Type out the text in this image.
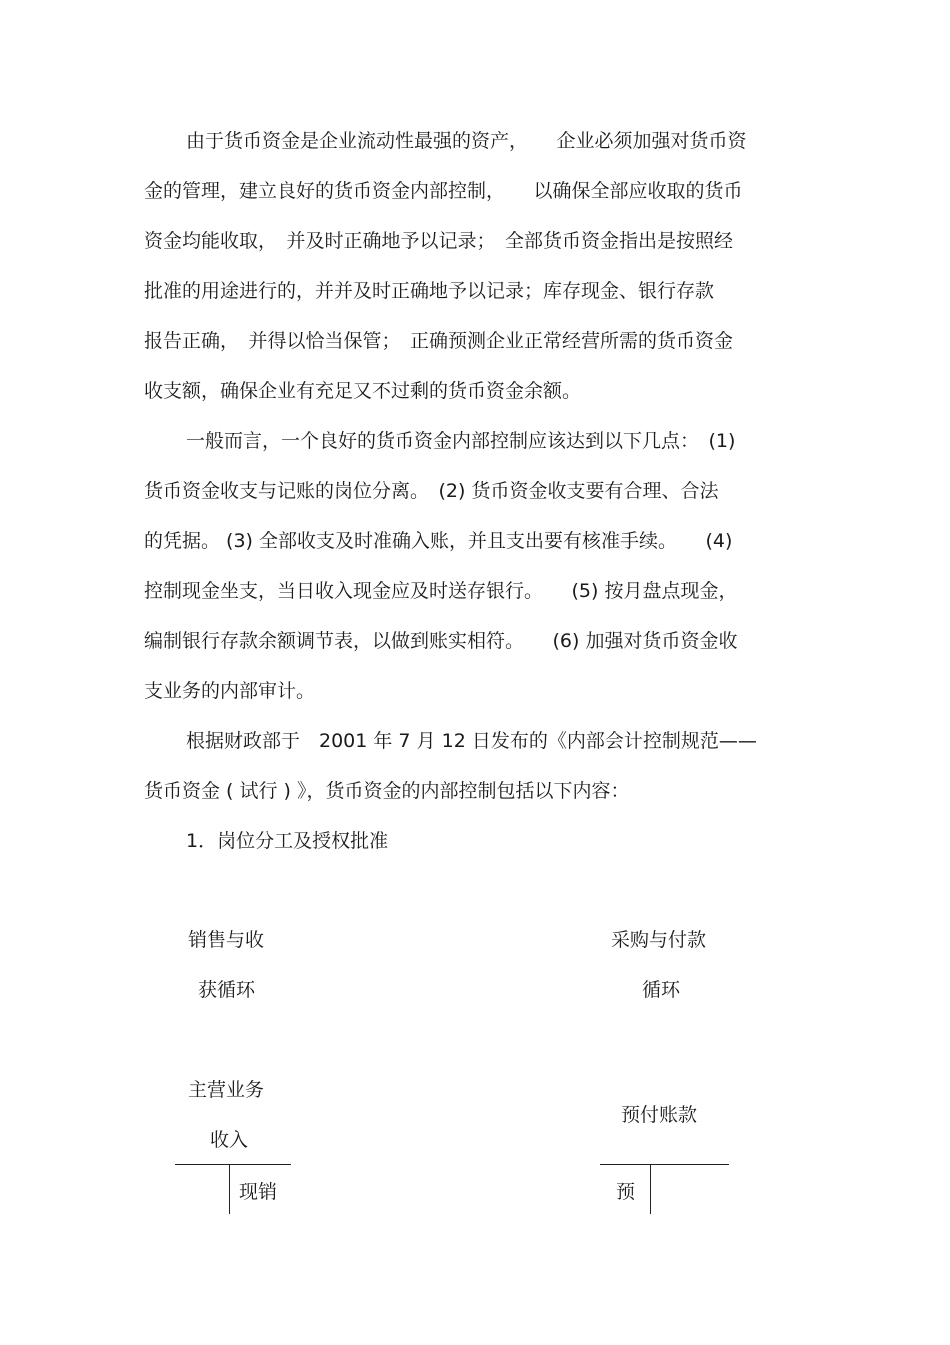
由于货币资金是企业流动性最强的资产，　　企业必须加强对货币资

金的管理，建立良好的货币资金内部控制，　　以确保全部应收取的货币

资金均能收取，　并及时正确地予以记录；　全部货币资金指出是按照经

批准的用途进行的，并并及时正确地予以记录；库存现金、银行存款

报告正确，　并得以恰当保管；　正确预测企业正常经营所需的货币资金

收支额，确保企业有充足又不过剩的货币资金余额。

一般而言，一个良好的货币资金内部控制应该达到以下几点：　(1)

货币资金收支与记账的岗位分离。　(2) 货币资金收支要有合理、合法

的凭据。 (3) 全部收支及时准确入账，并且支出要有核准手续。　　(4)

控制现金坐支，当日收入现金应及时送存银行。　　(5) 按月盘点现金，

编制银行存款余额调节表，以做到账实相符。　　(6) 加强对货币资金收

支业务的内部审计。

根据财政部于　2001 年 7 月 12 日发布的《内部会计控制规范——

货币资金 ( 试行 ) 》，货币资金的内部控制包括以下内容：

1．岗位分工及授权批准

销售与收
获循环
采购与付款
循环
主营业务
收入
现销
预付账款
预
